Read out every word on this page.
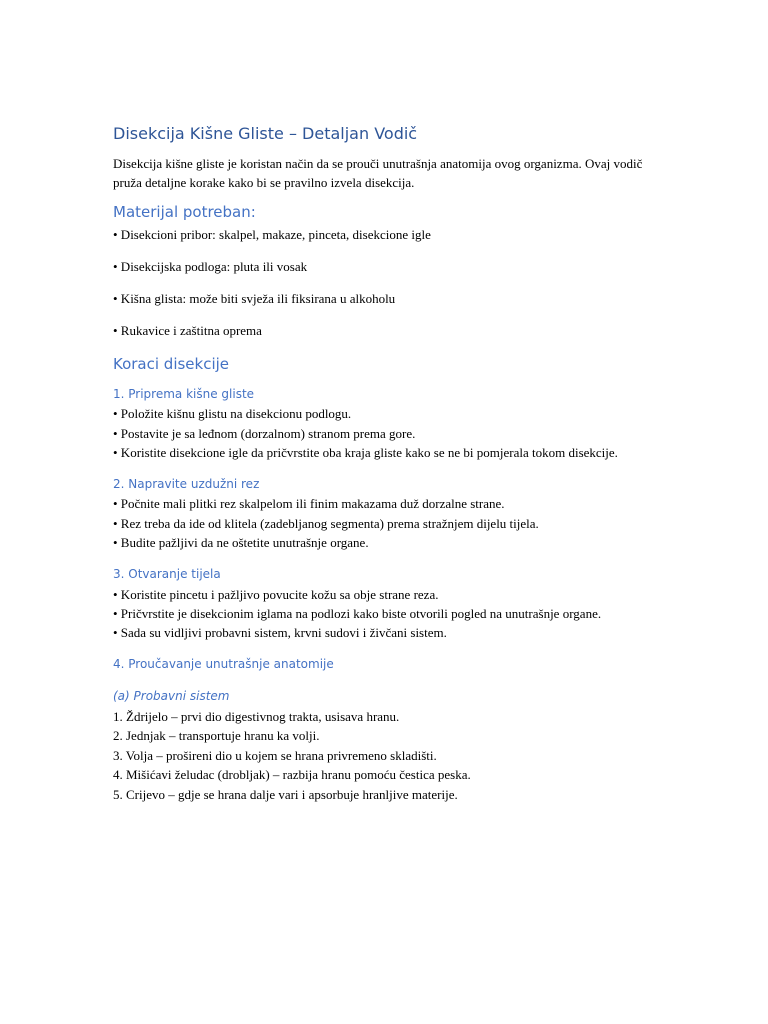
Disekcija Kišne Gliste – Detaljan Vodič

Disekcija kišne gliste je koristan način da se prouči unutrašnja anatomija ovog organizma. Ovaj vodič pruža detaljne korake kako bi se pravilno izvela disekcija.

Materijal potreban:
• Disekcioni pribor: skalpel, makaze, pinceta, disekcione igle
• Disekcijska podloga: pluta ili vosak
• Kišna glista: može biti svježa ili fiksirana u alkoholu
• Rukavice i zaštitna oprema
Koraci disekcije
1. Priprema kišne gliste
• Položite kišnu glistu na disekcionu podlogu.
• Postavite je sa leđnom (dorzalnom) stranom prema gore.
• Koristite disekcione igle da pričvrstite oba kraja gliste kako se ne bi pomjerala tokom disekcije.
2. Napravite uzdužni rez
• Počnite mali plitki rez skalpelom ili finim makazama duž dorzalne strane.
• Rez treba da ide od klitela (zadebljanog segmenta) prema stražnjem dijelu tijela.
• Budite pažljivi da ne oštetite unutrašnje organe.
3. Otvaranje tijela
• Koristite pincetu i pažljivo povucite kožu sa obje strane reza.
• Pričvrstite je disekcionim iglama na podlozi kako biste otvorili pogled na unutrašnje organe.
• Sada su vidljivi probavni sistem, krvni sudovi i živčani sistem.
4. Proučavanje unutrašnje anatomije
(a) Probavni sistem
1. Ždrijelo – prvi dio digestivnog trakta, usisava hranu.
2. Jednjak – transportuje hranu ka volji.
3. Volja – prošireni dio u kojem se hrana privremeno skladišti.
4. Mišićavi želudac (drobljak) – razbija hranu pomoću čestica peska.
5. Crijevo – gdje se hrana dalje vari i apsorbuje hranljive materije.
